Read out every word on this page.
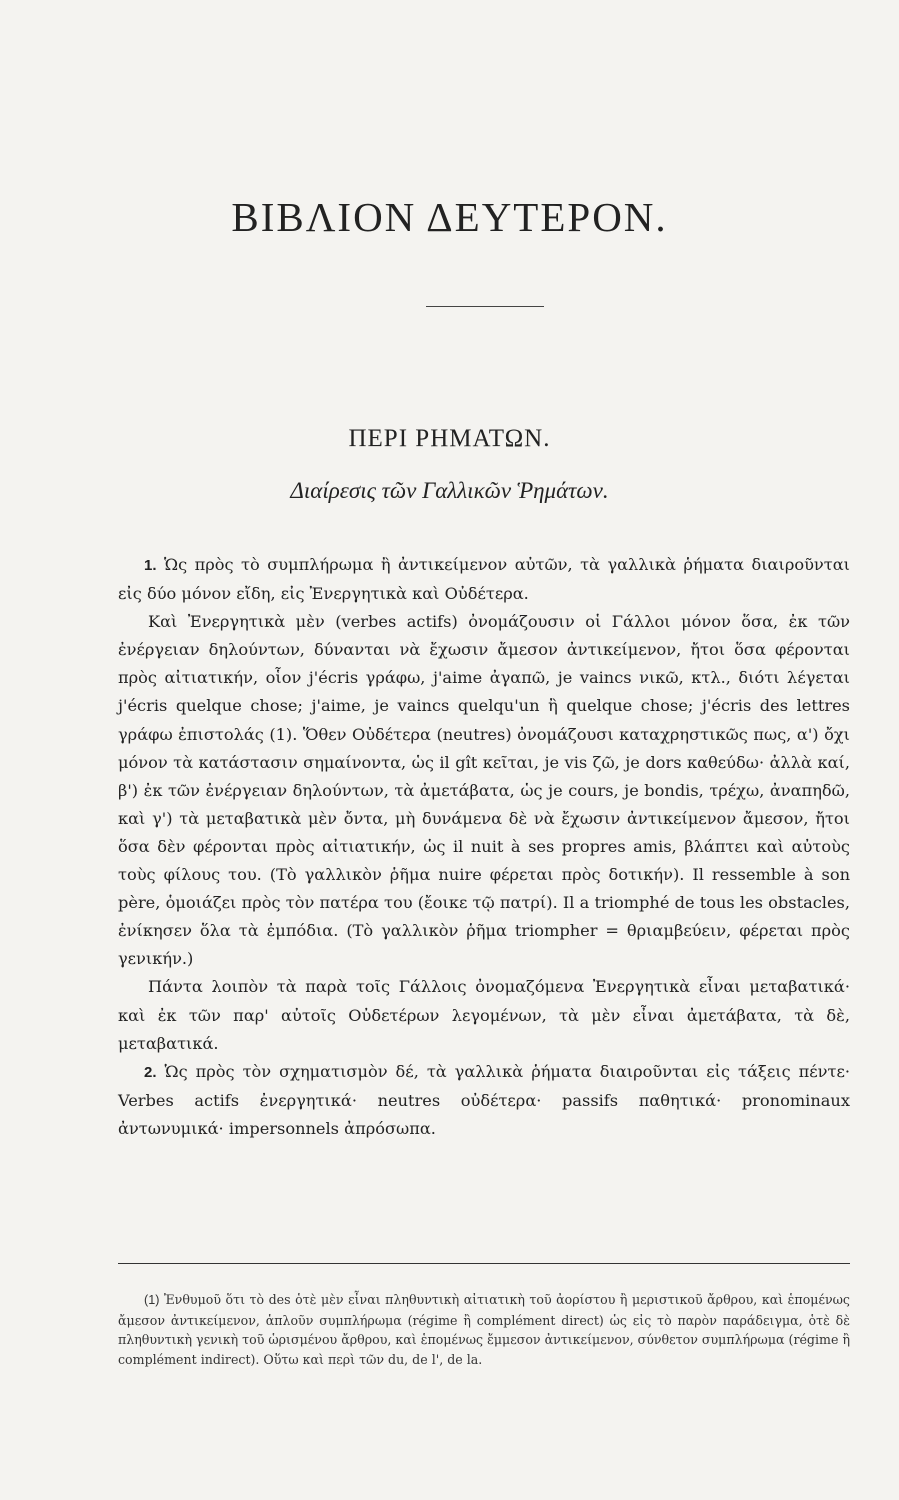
ΒΙΒΛΙΟΝ ΔΕΥΤΕΡΟΝ.
ΠΕΡΙ ΡΗΜΑΤΩΝ.
Διαίρεσις τῶν Γαλλικῶν Ῥημάτων.

1. Ὡς πρὸς τὸ συμπλήρωμα ἢ ἀντικείμενον αὐτῶν, τὰ γαλλικὰ ῥήματα διαιροῦνται εἰς δύο μόνον εἴδη, εἰς Ἐνεργητικὰ καὶ Οὐδέτερα.

Καὶ Ἐνεργητικὰ μὲν (verbes actifs) ὀνομάζουσιν οἱ Γάλλοι μόνον ὅσα, ἐκ τῶν ἐνέργειαν δηλούντων, δύνανται νὰ ἔχωσιν ἄμεσον ἀντικείμενον, ἤτοι ὅσα φέρονται πρὸς αἰτιατικήν, οἷον j'écris γράφω, j'aime ἀγαπῶ, je vaincs νικῶ, κτλ., διότι λέγεται j'écris quelque chose; j'aime, je vaincs quelqu'un ἢ quelque chose; j'écris des lettres γράφω ἐπιστολάς (1). Ὅθεν Οὐδέτερα (neutres) ὀνομάζουσι καταχρηστικῶς πως, α') ὄχι μόνον τὰ κατάστασιν σημαίνοντα, ὡς il gît κεῖται, je vis ζῶ, je dors καθεύδω· ἀλλὰ καί, β') ἐκ τῶν ἐνέργειαν δηλούντων, τὰ ἀμετάβατα, ὡς je cours, je bondis, τρέχω, ἀναπηδῶ, καὶ γ') τὰ μεταβατικὰ μὲν ὄντα, μὴ δυνάμενα δὲ νὰ ἔχωσιν ἀντικείμενον ἄμεσον, ἤτοι ὅσα δὲν φέρονται πρὸς αἰτιατικήν, ὡς il nuit à ses propres amis, βλάπτει καὶ αὐτοὺς τοὺς φίλους του. (Τὸ γαλλικὸν ῥῆμα nuire φέρεται πρὸς δοτικήν). Il ressemble à son père, ὁμοιάζει πρὸς τὸν πατέρα του (ἔοικε τῷ πατρί). Il a triomphé de tous les obstacles, ἐνίκησεν ὅλα τὰ ἐμπόδια. (Τὸ γαλλικὸν ῥῆμα triompher = θριαμβεύειν, φέρεται πρὸς γενικήν.)

Πάντα λοιπὸν τὰ παρὰ τοῖς Γάλλοις ὀνομαζόμενα Ἐνεργητικὰ εἶναι μεταβατικά· καὶ ἐκ τῶν παρ' αὐτοῖς Οὐδετέρων λεγομένων, τὰ μὲν εἶναι ἀμετάβατα, τὰ δὲ, μεταβατικά.

2. Ὡς πρὸς τὸν σχηματισμὸν δέ, τὰ γαλλικὰ ῥήματα διαιροῦνται εἰς τάξεις πέντε· Verbes actifs ἐνεργητικά· neutres οὐδέτερα· passifs παθητικά· pronominaux ἀντωνυμικά· impersonnels ἀπρόσωπα.

(1) Ἐνθυμοῦ ὅτι τὸ des ὁτὲ μὲν εἶναι πληθυντικὴ αἰτιατικὴ τοῦ ἀορίστου ἢ μεριστικοῦ ἄρθρου, καὶ ἑπομένως ἄμεσον ἀντικείμενον, ἁπλοῦν συμπλήρωμα (régime ἢ complément direct) ὡς εἰς τὸ παρὸν παράδειγμα, ὁτὲ δὲ πληθυντικὴ γενικὴ τοῦ ὡρισμένου ἄρθρου, καὶ ἑπομένως ἔμμεσον ἀντικείμενον, σύνθετον συμπλήρωμα (régime ἢ complément indirect). Οὕτω καὶ περὶ τῶν du, de l', de la.
